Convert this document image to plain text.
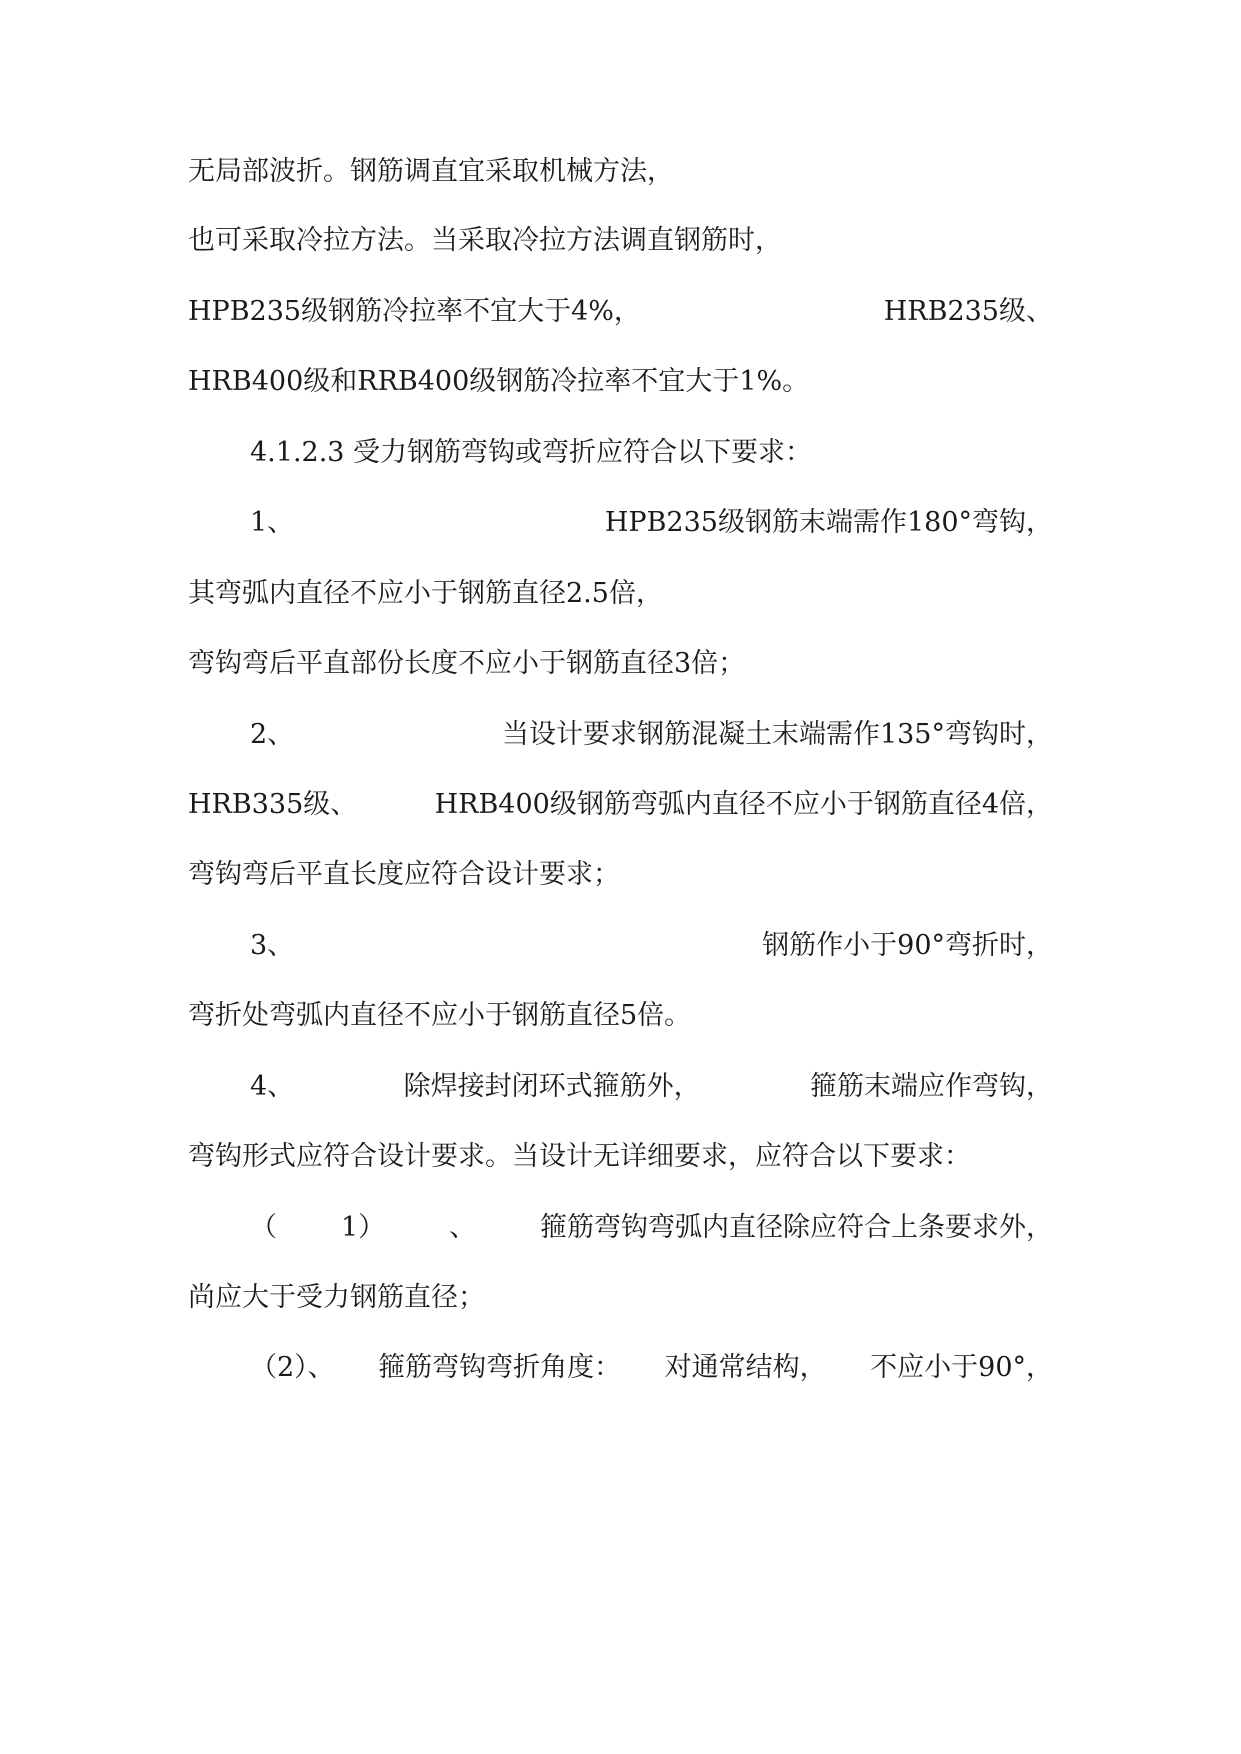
无局部波折。钢筋调直宜采取机械方法，
也可采取冷拉方法。当采取冷拉方法调直钢筋时，
HPB235级钢筋冷拉率不宜大于4%，	HRB235级、
HRB400级和RRB400级钢筋冷拉率不宜大于1%。
4.1.2.3 受力钢筋弯钩或弯折应符合以下要求：
1、	HPB235级钢筋末端需作180°弯钩，
其弯弧内直径不应小于钢筋直径2.5倍，
弯钩弯后平直部份长度不应小于钢筋直径3倍；
2、	当设计要求钢筋混凝土末端需作135°弯钩时，
HRB335级、	HRB400级钢筋弯弧内直径不应小于钢筋直径4倍，
弯钩弯后平直长度应符合设计要求；
3、	钢筋作小于90°弯折时，
弯折处弯弧内直径不应小于钢筋直径5倍。
4、	除焊接封闭环式箍筋外，	箍筋末端应作弯钩，
弯钩形式应符合设计要求。当设计无详细要求，应符合以下要求：
（ 1） 、 箍筋弯钩弯弧内直径除应符合上条要求外，
尚应大于受力钢筋直径；
（2）、 箍筋弯钩弯折角度： 对通常结构， 不应小于90°，
